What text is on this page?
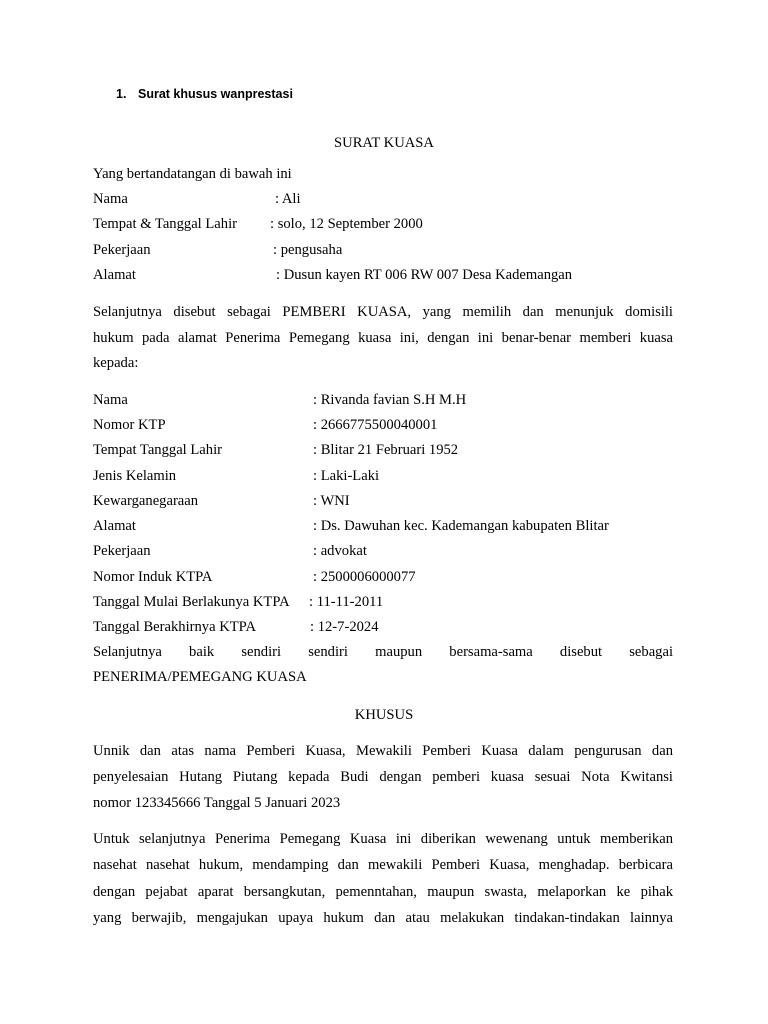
1. Surat khusus wanprestasi
SURAT KUASA
Yang bertandatangan di bawah ini
Nama	: Ali
Tempat & Tanggal Lahir : solo, 12 September 2000
Pekerjaan	: pengusaha
Alamat	: Dusun kayen RT 006 RW 007 Desa Kademangan
Selanjutnya disebut sebagai PEMBERI KUASA, yang memilih dan menunjuk domisili
hukum pada alamat Penerima Pemegang kuasa ini, dengan ini benar-benar memberi kuasa
kepada:
Nama	: Rivanda favian S.H M.H
Nomor KTP	: 2666775500040001
Tempat Tanggal Lahir	: Blitar 21 Februari 1952
Jenis Kelamin	: Laki-Laki
Kewarganegaraan	: WNI
Alamat	: Ds. Dawuhan kec. Kademangan kabupaten Blitar
Pekerjaan	: advokat
Nomor Induk KTPA	: 2500006000077
Tanggal Mulai Berlakunya KTPA : 11-11-2011
Tanggal Berakhirnya KTPA	: 12-7-2024
Selanjutnya baik sendiri sendiri maupun bersama-sama disebut sebagai
PENERIMA/PEMEGANG KUASA
KHUSUS
Unnik dan atas nama Pemberi Kuasa, Mewakili Pemberi Kuasa dalam pengurusan dan
penyelesaian Hutang Piutang kepada Budi dengan pemberi kuasa sesuai Nota Kwitansi
nomor 123345666 Tanggal 5 Januari 2023
Untuk selanjutnya Penerima Pemegang Kuasa ini diberikan wewenang untuk memberikan
nasehat nasehat hukum, mendamping dan mewakili Pemberi Kuasa, menghadap. berbicara
dengan pejabat aparat bersangkutan, pemenntahan, maupun swasta, melaporkan ke pihak
yang berwajib, mengajukan upaya hukum dan atau melakukan tindakan-tindakan lainnya
